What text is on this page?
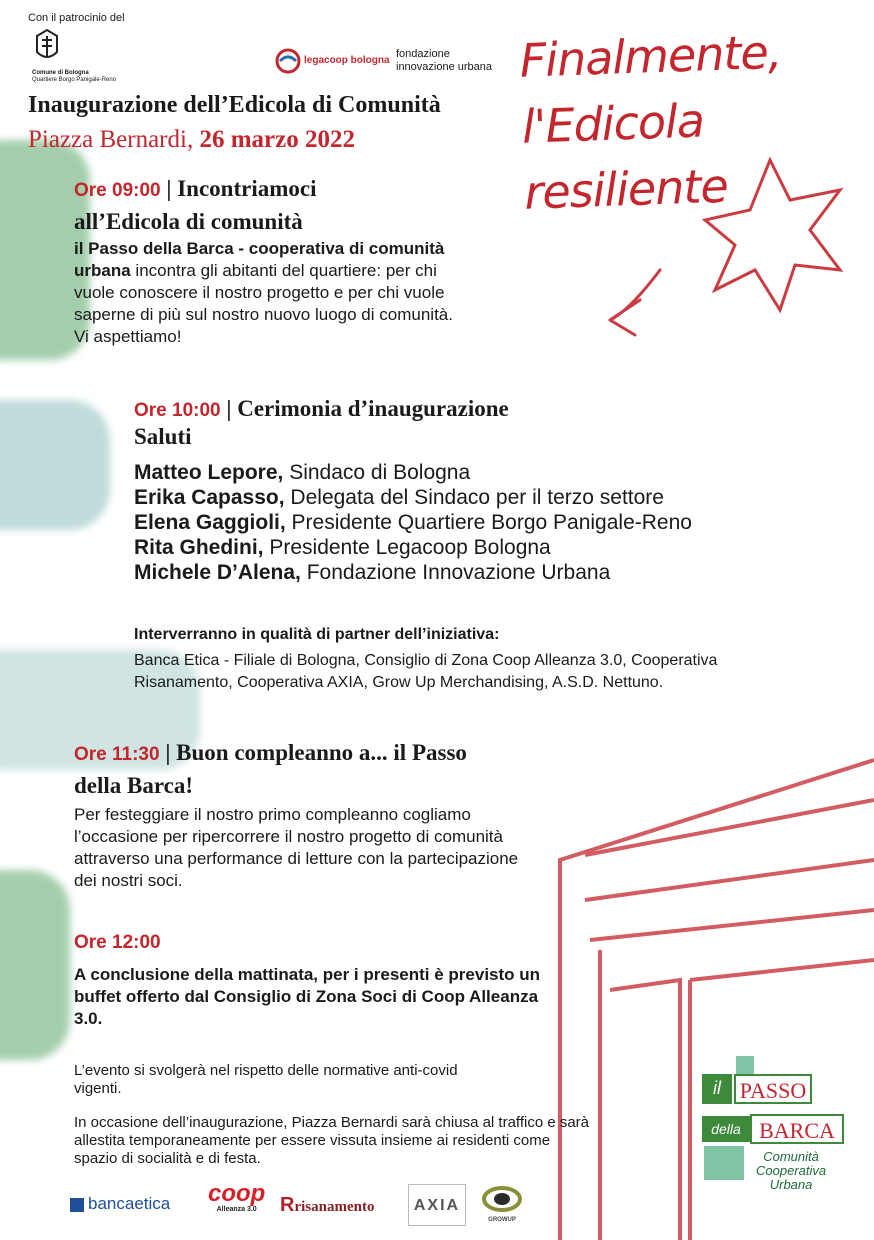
Con il patrocinio del
Comune di Bologna
Quartiere Borgo Panigale-Reno
legacoop bologna
fondazione
innovazione urbana
Inaugurazione dell’Edicola di Comunità
Piazza Bernardi, 26 marzo 2022
Finalmente,
l'Edicola
resiliente
Ore 09:00 | Incontriamoci all’Edicola di comunità
il Passo della Barca - cooperativa di comunità urbana incontra gli abitanti del quartiere: per chi vuole conoscere il nostro progetto e per chi vuole saperne di più sul nostro nuovo luogo di comunità.
Vi aspettiamo!
Ore 10:00 | Cerimonia d’inaugurazione
Saluti
Matteo Lepore, Sindaco di Bologna
Erika Capasso, Delegata del Sindaco per il terzo settore
Elena Gaggioli, Presidente Quartiere Borgo Panigale-Reno
Rita Ghedini, Presidente Legacoop Bologna
Michele D’Alena, Fondazione Innovazione Urbana
Interverranno in qualità di partner dell’iniziativa:
Banca Etica - Filiale di Bologna, Consiglio di Zona Coop Alleanza 3.0, Cooperativa Risanamento, Cooperativa AXIA, Grow Up Merchandising, A.S.D. Nettuno.
Ore 11:30 | Buon compleanno a... il Passo della Barca!
Per festeggiare il nostro primo compleanno cogliamo l’occasione per ripercorrere il nostro progetto di comunità attraverso una performance di letture con la partecipazione dei nostri soci.
Ore 12:00
A conclusione della mattinata, per i presenti è previsto un buffet offerto dal Consiglio di Zona Soci di Coop Alleanza 3.0.
L’evento si svolgerà nel rispetto delle normative anti-covid vigenti.
In occasione dell’inaugurazione, Piazza Bernardi sarà chiusa al traffico e sarà allestita temporaneamente per essere vissuta insieme ai residenti come spazio di socialità e di festa.
bancaetica coop
Alleanza 3.0	Rrisanamento	AXIA
GROWUP
il PASSO
della BARCA
Comunità
Cooperativa
Urbana
